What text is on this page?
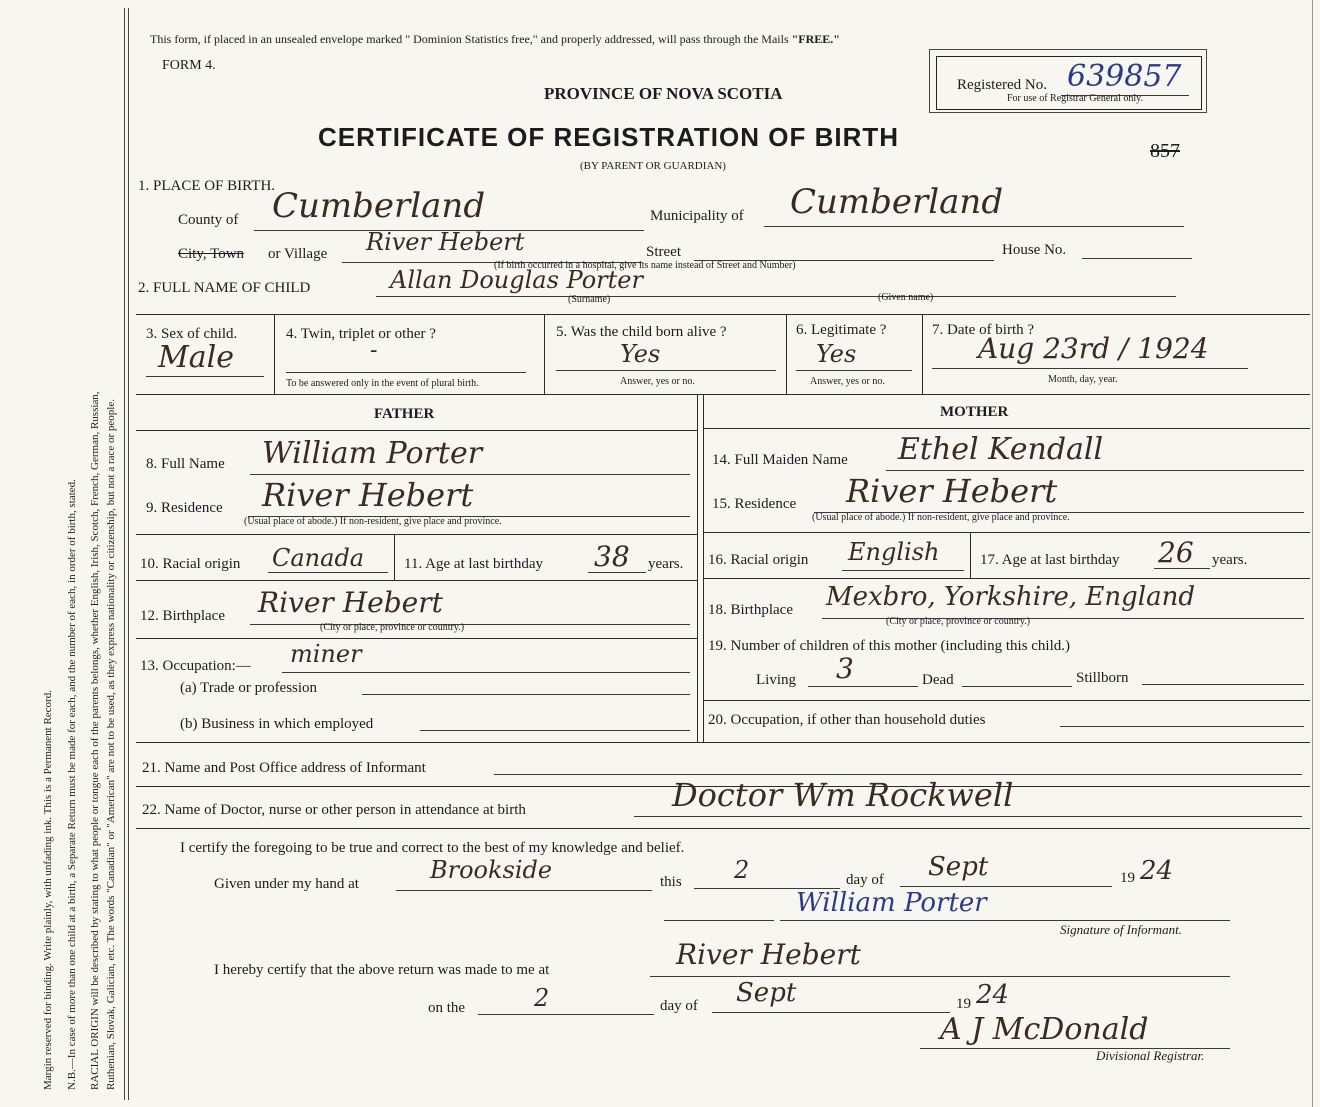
Margin reserved for binding. Write plainly, with unfading ink. This is a Permanent Record. N.B.—In case of more than one child at a birth, a Separate Return must be made for each, and the number of each, in order of birth, stated. RACIAL ORIGIN will be described by stating to what people or tongue each of the parents belongs, whether English, Irish, Scotch, French, German, Russian, Ruthenian, Slovak, Galician, etc. The words "Canadian" or "American" are not to be used, as they express nationality or citizenship, but not a race or people.
This form, if placed in an unsealed envelope marked " Dominion Statistics free," and properly addressed, will pass through the Mails "FREE."
FORM 4.
PROVINCE OF NOVA SCOTIA	Registered No. 639857
For use of Registrar General only.
CERTIFICATE OF REGISTRATION OF BIRTH
(BY PARENT OR GUARDIAN)
857
1. PLACE OF BIRTH.
County of Cumberland	Municipality of Cumberland
City, Town or Village River Hebert	Street	House No.
(If birth occurred in a hospital, give its name instead of Street and Number)
2. FULL NAME OF CHILD	Allan Douglas Porter
(Surname)	(Given name)
3. Sex of child.
Male
4. Twin, triplet or other ?
-
To be answered only in the event of plural birth.
5. Was the child born alive ?
Yes
Answer, yes or no.
6. Legitimate ?
Yes
Answer, yes or no.
7. Date of birth ?
Aug 23rd / 1924
Month, day, year.
FATHER
8. Full Name William Porter
9. Residence River Hebert
(Usual place of abode.) If non-resident, give place and province.
10. Racial origin Canada	11. Age at last birthday 38 years.
12. Birthplace River Hebert
(City or place, province or country.)
13. Occupation:— miner
(a) Trade or profession
(b) Business in which employed
MOTHER
14. Full Maiden Name Ethel Kendall
15. Residence River Hebert
(Usual place of abode.) If non-resident, give place and province.
16. Racial origin English	17. Age at last birthday 26 years.
18. Birthplace Mexbro, Yorkshire, England
(City or place, province or country.)
19. Number of children of this mother (including this child.)
Living 3	Dead	Stillborn
20. Occupation, if other than household duties
21. Name and Post Office address of Informant
22. Name of Doctor, nurse or other person in attendance at birth	Doctor Wm Rockwell
I certify the foregoing to be true and correct to the best of my knowledge and belief.
Given under my hand at	Brookside	this 2	day of Sept	19 24
William Porter
Signature of Informant.
I hereby certify that the above return was made to me at	River Hebert
on the	2	day of Sept	19 24
A J McDonald
Divisional Registrar.
